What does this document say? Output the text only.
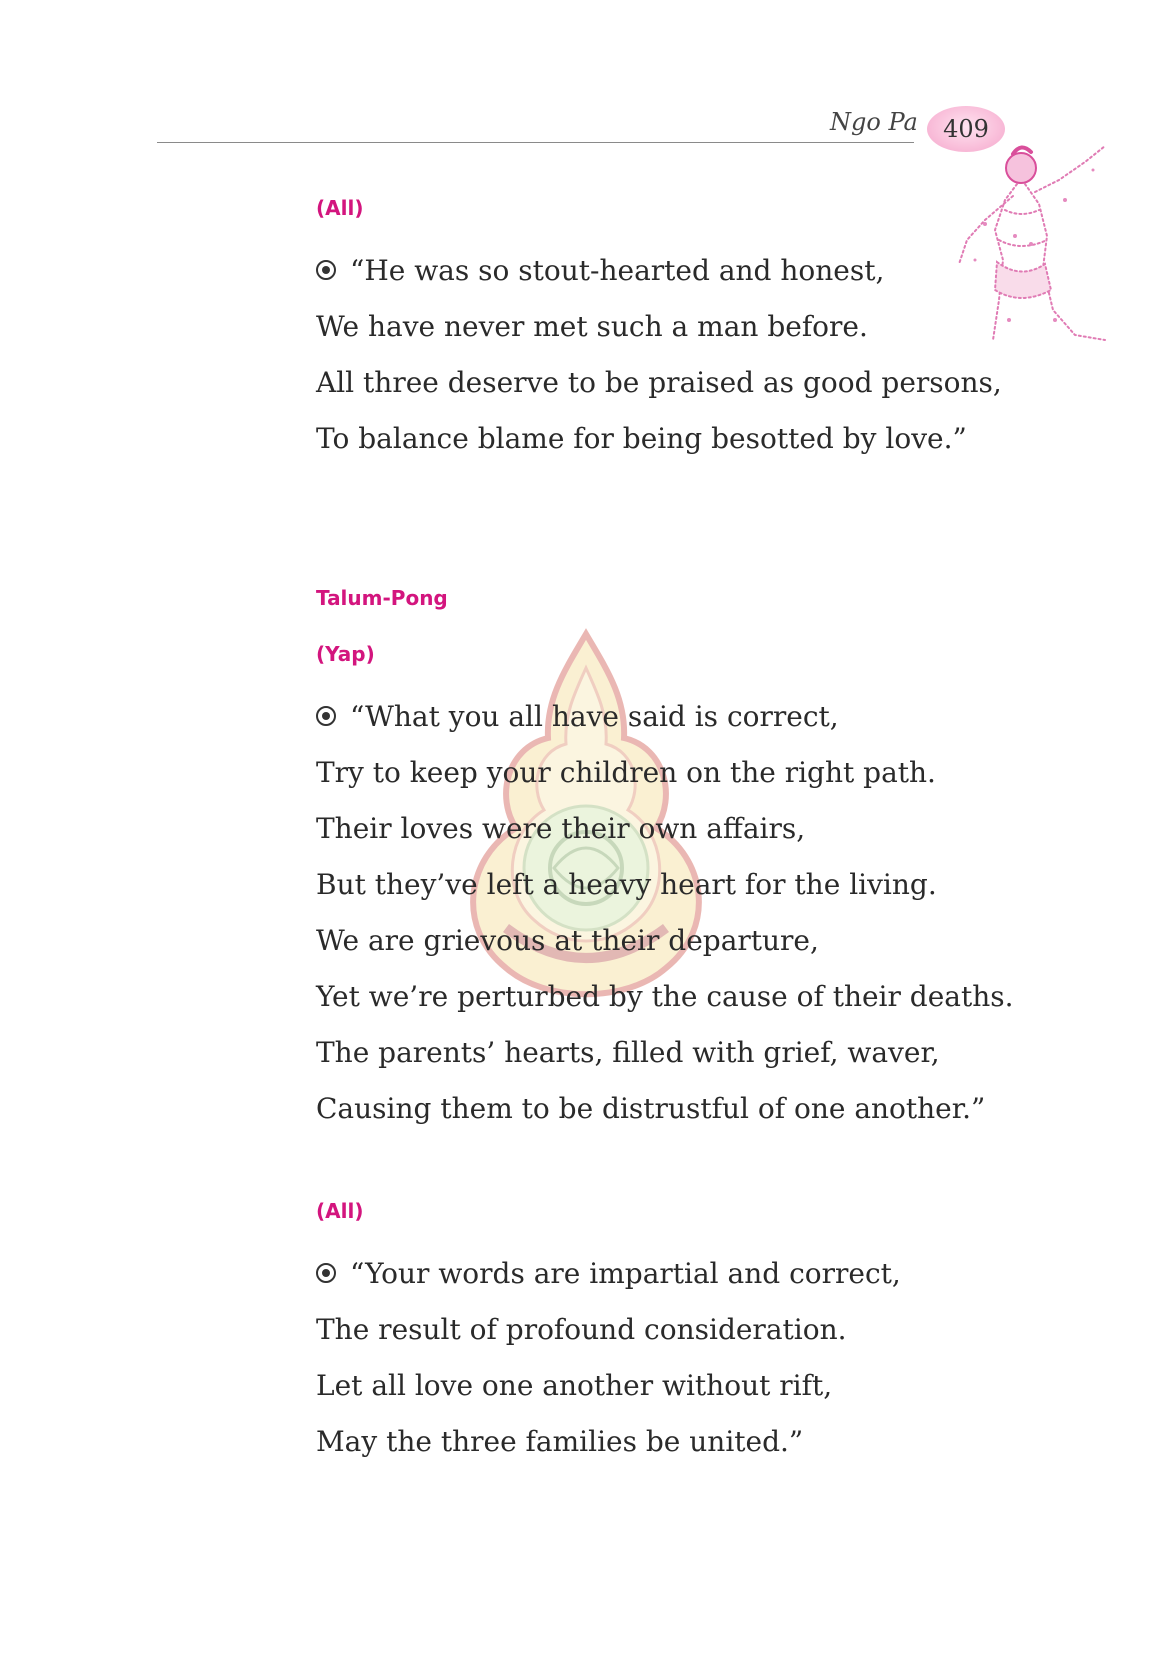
Ngo Pa 409

(All)

“He was so stout-hearted and honest,

We have never met such a man before.

All three deserve to be praised as good persons,

To balance blame for being besotted by love.”

Talum-Pong

(Yap)

“What you all have said is correct,

Try to keep your children on the right path.

Their loves were their own affairs,

But they’ve left a heavy heart for the living.

We are grievous at their departure,

Yet we’re perturbed by the cause of their deaths.

The parents’ hearts, filled with grief, waver,

Causing them to be distrustful of one another.”

(All)

“Your words are impartial and correct,

The result of profound consideration.

Let all love one another without rift,

May the three families be united.”
